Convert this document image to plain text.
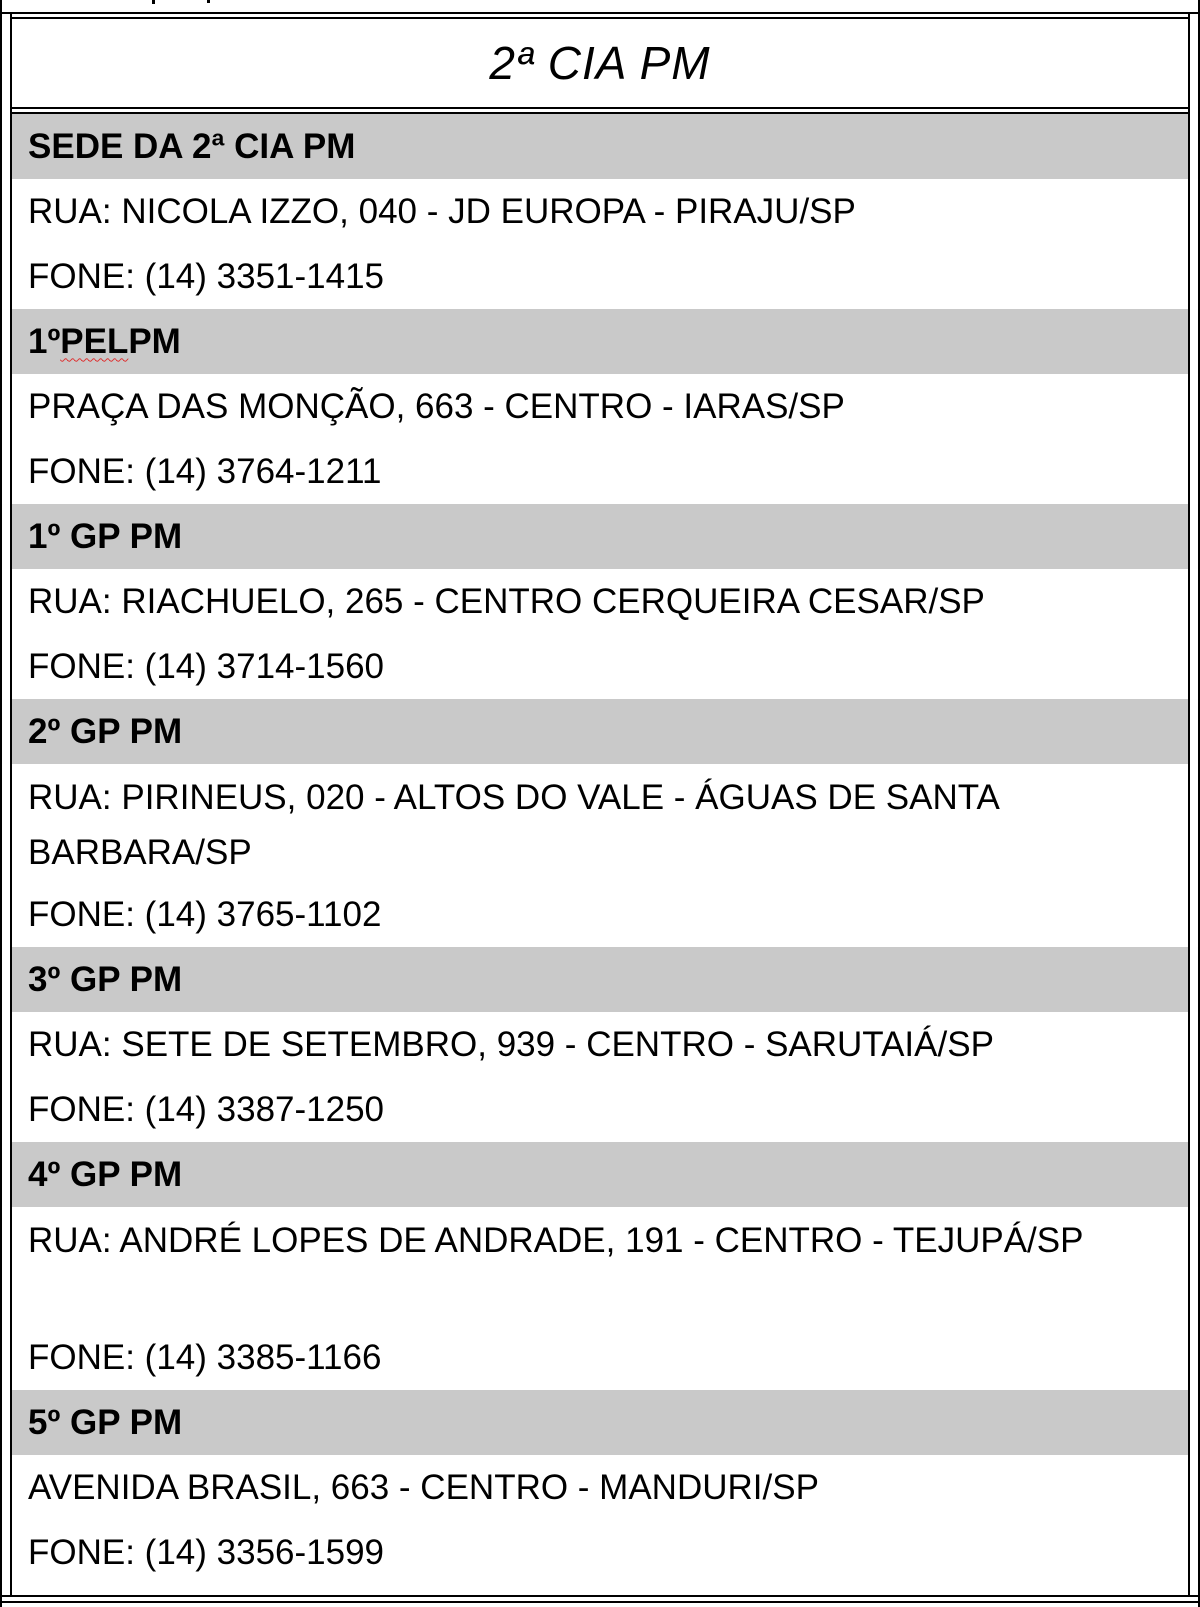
2ª CIA PM
SEDE DA 2ª CIA PM
RUA: NICOLA IZZO, 040 - JD EUROPA - PIRAJU/SP
FONE: (14) 3351-1415
1º PEL PM
PRAÇA DAS MONÇÃO, 663 - CENTRO - IARAS/SP
FONE: (14) 3764-1211
1º GP PM
RUA: RIACHUELO, 265 - CENTRO CERQUEIRA CESAR/SP
FONE: (14) 3714-1560
2º GP PM
RUA: PIRINEUS, 020 - ALTOS DO VALE - ÁGUAS DE SANTA BARBARA/SP
FONE: (14) 3765-1102
3º GP PM
RUA: SETE DE SETEMBRO, 939 - CENTRO - SARUTAIÁ/SP
FONE: (14) 3387-1250
4º GP PM
RUA: ANDRÉ LOPES DE ANDRADE, 191 - CENTRO - TEJUPÁ/SP
FONE: (14) 3385-1166
5º GP PM
AVENIDA BRASIL, 663 - CENTRO - MANDURI/SP
FONE: (14) 3356-1599
